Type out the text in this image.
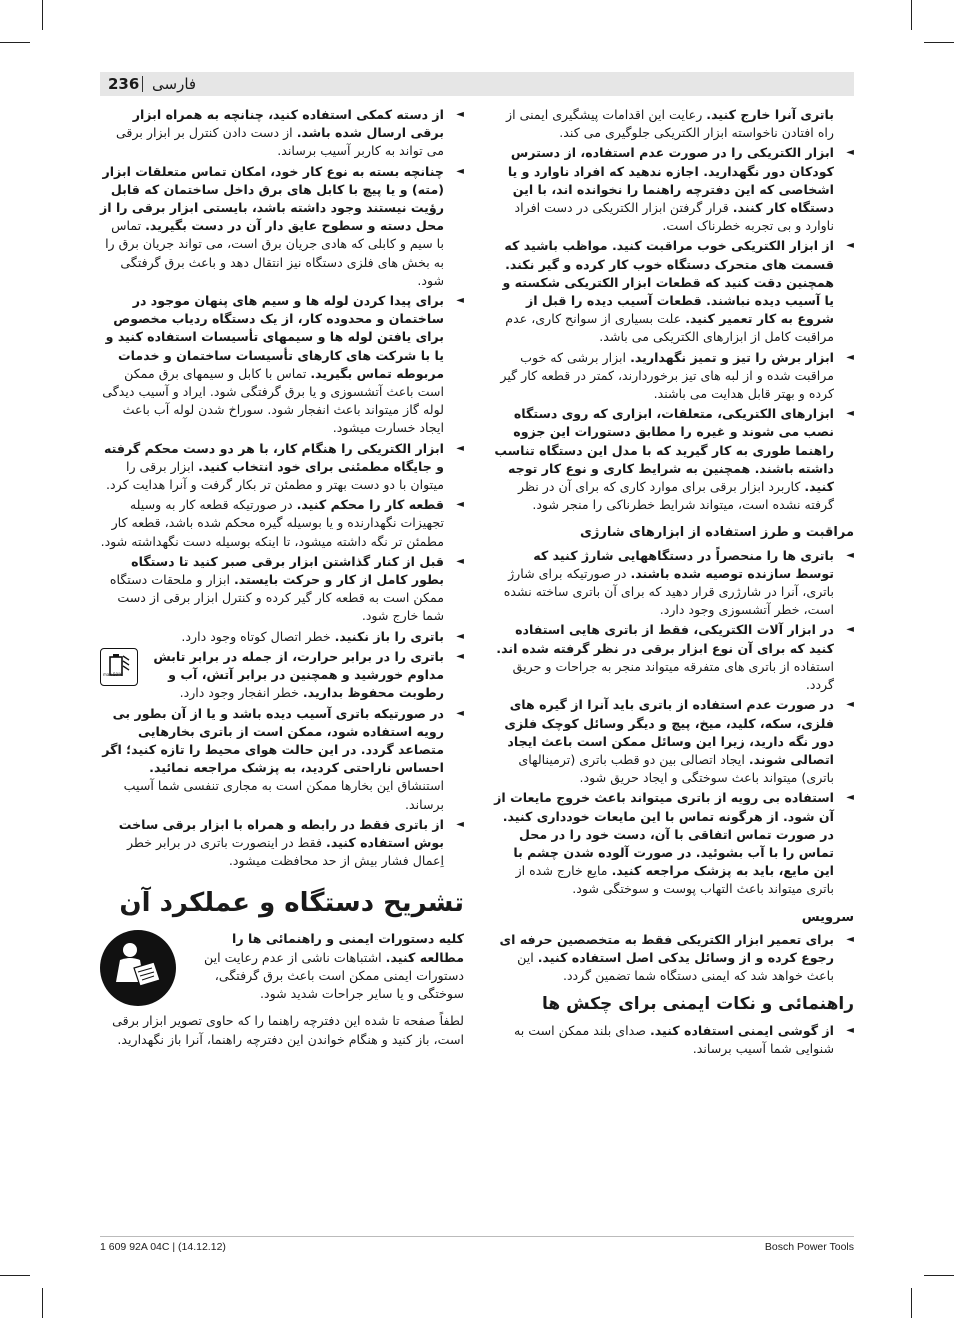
236 فارسی

باتری آنرا خارج کنید. رعایت این اقدامات پیشگیری ایمنی از راه افتادن ناخواسته ابزار الکتریکی جلوگیری می کند.

◄
ابزار الکتریکی را در صورت عدم استفاده، از دسترس کودکان دور نگهدارید. اجازه ندهید که افراد ناوارد و یا اشخاصی که این دفترچه راهنما را نخوانده اند، با این دستگاه کار کنند. قرار گرفتن ابزار الکتریکی در دست افراد ناوارد و بی تجربه خطرناک است.
◄
از ابزار الکتریکی خوب مراقبت کنید. مواظب باشید که قسمت های متحرک دستگاه خوب کار کرده و گیر نکند. همچنین دقت کنید که قطعات ابزار الکتریکی شکسته و یا آسیب دیده نباشند. قطعات آسیب دیده را قبل از شروع به کار تعمیر کنید. علت بسیاری از سوانح کاری، عدم مراقبت کامل از ابزارهای الکتریکی می باشد.
◄
ابزار برش را تیز و تمیز نگهدارید. ابزار برشی که خوب مراقبت شده و از لبه های تیز برخوردارند، کمتر در قطعه کار گیر کرده و بهتر قابل هدایت می باشند.
◄
ابزارهای الکتریکی، متعلقات، ابزاری که روی دستگاه نصب می شوند و غیره را مطابق دستورات این جزوه راهنما طوری به کار گیرید که با مدل این دستگاه تناسب داشته باشند. همچنین به شرایط کاری و نوع کار توجه کنید. کاربرد ابزار برقی برای موارد کاری که برای آن در نظر گرفته نشده است، میتواند شرایط خطرناکی را منجر شود.
مراقبت و طرز استفاده از ابزارهای شارژی
◄
باتری ها را منحصراً در دستگاههایی شارژ کنید که توسط سازنده توصیه شده باشند. در صورتیکه برای شارژ باتری، آنرا در شارژری قرار دهید که برای آن باتری ساخته نشده است، خطر آتشسوزی وجود دارد.
◄
در ابزار آلات الکتریکی، فقط از باتری هایی استفاده کنید که برای آن نوع ابزار برقی در نظر گرفته شده اند. استفاده از باتری های متفرقه میتواند منجر به جراحات و حریق گردد.
◄
در صورت عدم استفاده از باتری باید آنرا از گیره های فلزی، سکه، کلید، میخ، پیچ و دیگر وسائل کوچک فلزی دور نگه دارید، زیرا این وسائل ممکن است باعث ایجاد اتصالی شوند. ایجاد اتصالی بین دو قطب باتری (ترمینالهای باتری) میتواند باعث سوختگی و ایجاد حریق شود.
◄
استفاده بی رویه از باتری میتواند باعث خروج مایعات از آن شود. از هرگونه تماس با این مایعات خودداری کنید. در صورت تماس اتفاقی با آن، دست خود را در محل تماس را با آب بشوئید. در صورت آلوده شدن چشم با این مایع، باید به پزشک مراجعه کنید. مایع خارج شده از باتری میتواند باعث التهاب پوست و سوختگی شود.
سرویس
◄
برای تعمیر ابزار الکتریکی فقط به متخصصین حرفه ای رجوع کرده و از وسائل یدکی اصل استفاده کنید. این باعث خواهد شد که ایمنی دستگاه شما تضمین گردد.
راهنمائی و نکات ایمنی برای چکش ها
◄
از گوشی ایمنی استفاده کنید. صدای بلند ممکن است به شنوایی شما آسیب برساند.
◄
از دسته کمکی استفاده کنید، چنانچه به همراه ابزار برقی ارسال شده باشد. از دست دادن کنترل بر ابزار برقی می تواند به کاربر آسیب برساند.
◄
چنانچه بسته به نوع کار خود، امکان تماس متعلقات ابزار (مته) و یا پیچ با کابل های برق داخل ساختمان که قابل رؤیت نیستند وجود داشته باشد، بایستی ابزار برقی را از محل دسته و سطوح عایق دار آن در دست بگیرید. تماس با سیم و کابلی که هادی جریان برق است، می تواند جریان برق را به بخش های فلزی دستگاه نیز انتقال دهد و باعث برق گرفتگی شود.
◄
برای پیدا کردن لوله ها و سیم های پنهان موجود در ساختمان و محدوده کار، از یک دستگاه ردیاب مخصوص برای یافتن لوله ها و سیمهای تأسیسات استفاده کنید و یا با شرکت های کارهای تأسیسات ساختمان و خدمات مربوطه تماس بگیرید. تماس با کابل و سیمهای برق ممکن است باعث آتشسوزی و یا برق گرفتگی شود. ایراد و آسیب دیدگی لوله گاز میتواند باعث انفجار شود. سوراخ شدن لوله آب باعث ایجاد خسارت میشود.
◄
ابزار الکتریکی را هنگام کار، با هر دو دست محکم گرفته و جایگاه مطمئنی برای خود انتخاب کنید. ابزار برقی را میتوان با دو دست بهتر و مطمئن تر بکار گرفت و آنرا هدایت کرد.
◄
قطعه کار را محکم کنید. در صورتیکه قطعه کار به وسیله تجهیزات نگهدارنده و یا بوسیله گیره محکم شده باشد، قطعه کار مطمئن تر نگه داشته میشود، تا اینکه بوسیله دست نگهداشته شود.
◄
قبل از کنار گذاشتن ابزار برقی صبر کنید تا دستگاه بطور کامل از کار و حرکت بایستد. ابزار و ملحقات دستگاه ممکن است به قطعه کار گیر کرده و کنترل ابزار برقی از دست شما خارج شود.
◄
باتری را باز نکنید. خطر اتصال کوتاه وجود دارد.
◄
باتری را در برابر حرارت، از جمله در برابر تابش مداوم خورشید و همچنین در برابر آتش، آب و رطوبت محفوظ بدارید. خطر انفجار وجود دارد.
max 50°C
◄
در صورتیکه باتری آسیب دیده باشد و یا از آن بطور بی رویه استفاده شود، ممکن است از باتری بخارهایی متصاعد گردد. در این حالت هوای محیط را تازه کنید؛ اگر احساس ناراحتی کردید، به پزشک مراجعه نمائید. استنشاق این بخارها ممکن است به مجاری تنفسی شما آسیب برساند.
◄
از باتری فقط در رابطه و همراه با ابزار برقی ساخت بوش استفاده کنید. فقط در اینصورت باتری در برابر خطر اِعمال فشار بیش از حد محافظت میشود.
تشریح دستگاه و عملکرد آن

کلیه دستورات ایمنی و راهنمائی ها را مطالعه کنید. اشتباهات ناشی از عدم رعایت این دستورات ایمنی ممکن است باعث برق گرفتگی، سوختگی و یا سایر جراحات شدید شود.

لطفاً صفحه تا شده این دفترچه راهنما را که حاوی تصویر ابزار برقی است، باز کنید و هنگام خواندن این دفترچه راهنما، آنرا باز نگهدارید.

1 609 92A 04C | (14.12.12)	Bosch Power Tools
